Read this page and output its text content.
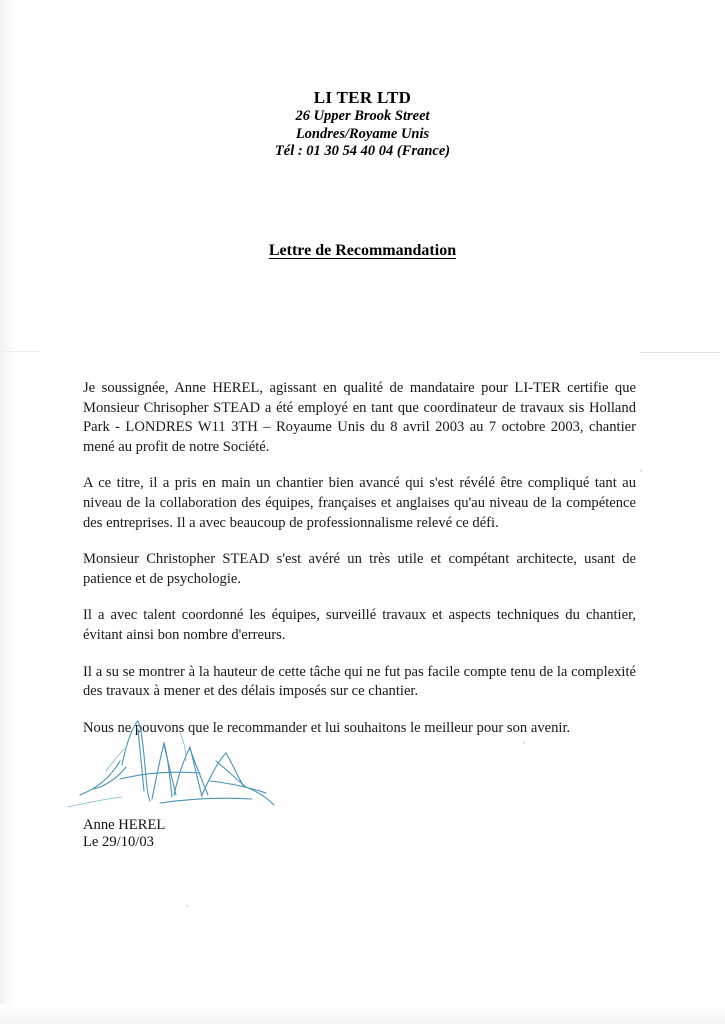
LI TER LTD
26 Upper Brook Street
Londres/Royame Unis
Tél : 01 30 54 40 04 (France)
Lettre de Recommandation

Je soussignée, Anne HEREL, agissant en qualité de mandataire pour LI-TER certifie que Monsieur Chrisopher STEAD a été employé en tant que coordinateur de travaux sis Holland Park - LONDRES W11 3TH – Royaume Unis du 8 avril 2003 au 7 octobre 2003, chantier mené au profit de notre Société.

A ce titre, il a pris en main un chantier bien avancé qui s'est révélé être compliqué tant au niveau de la collaboration des équipes, françaises et anglaises qu'au niveau de la compétence des entreprises. Il a avec beaucoup de professionnalisme relevé ce défi.

Monsieur Christopher STEAD s'est avéré un très utile et compétant architecte, usant de patience et de psychologie.

Il a avec talent coordonné les équipes, surveillé travaux et aspects techniques du chantier, évitant ainsi bon nombre d'erreurs.

Il a su se montrer à la hauteur de cette tâche qui ne fut pas facile compte tenu de la complexité des travaux à mener et des délais imposés sur ce chantier.

Nous ne pouvons que le recommander et lui souhaitons le meilleur pour son avenir.

Anne HEREL
Le 29/10/03
